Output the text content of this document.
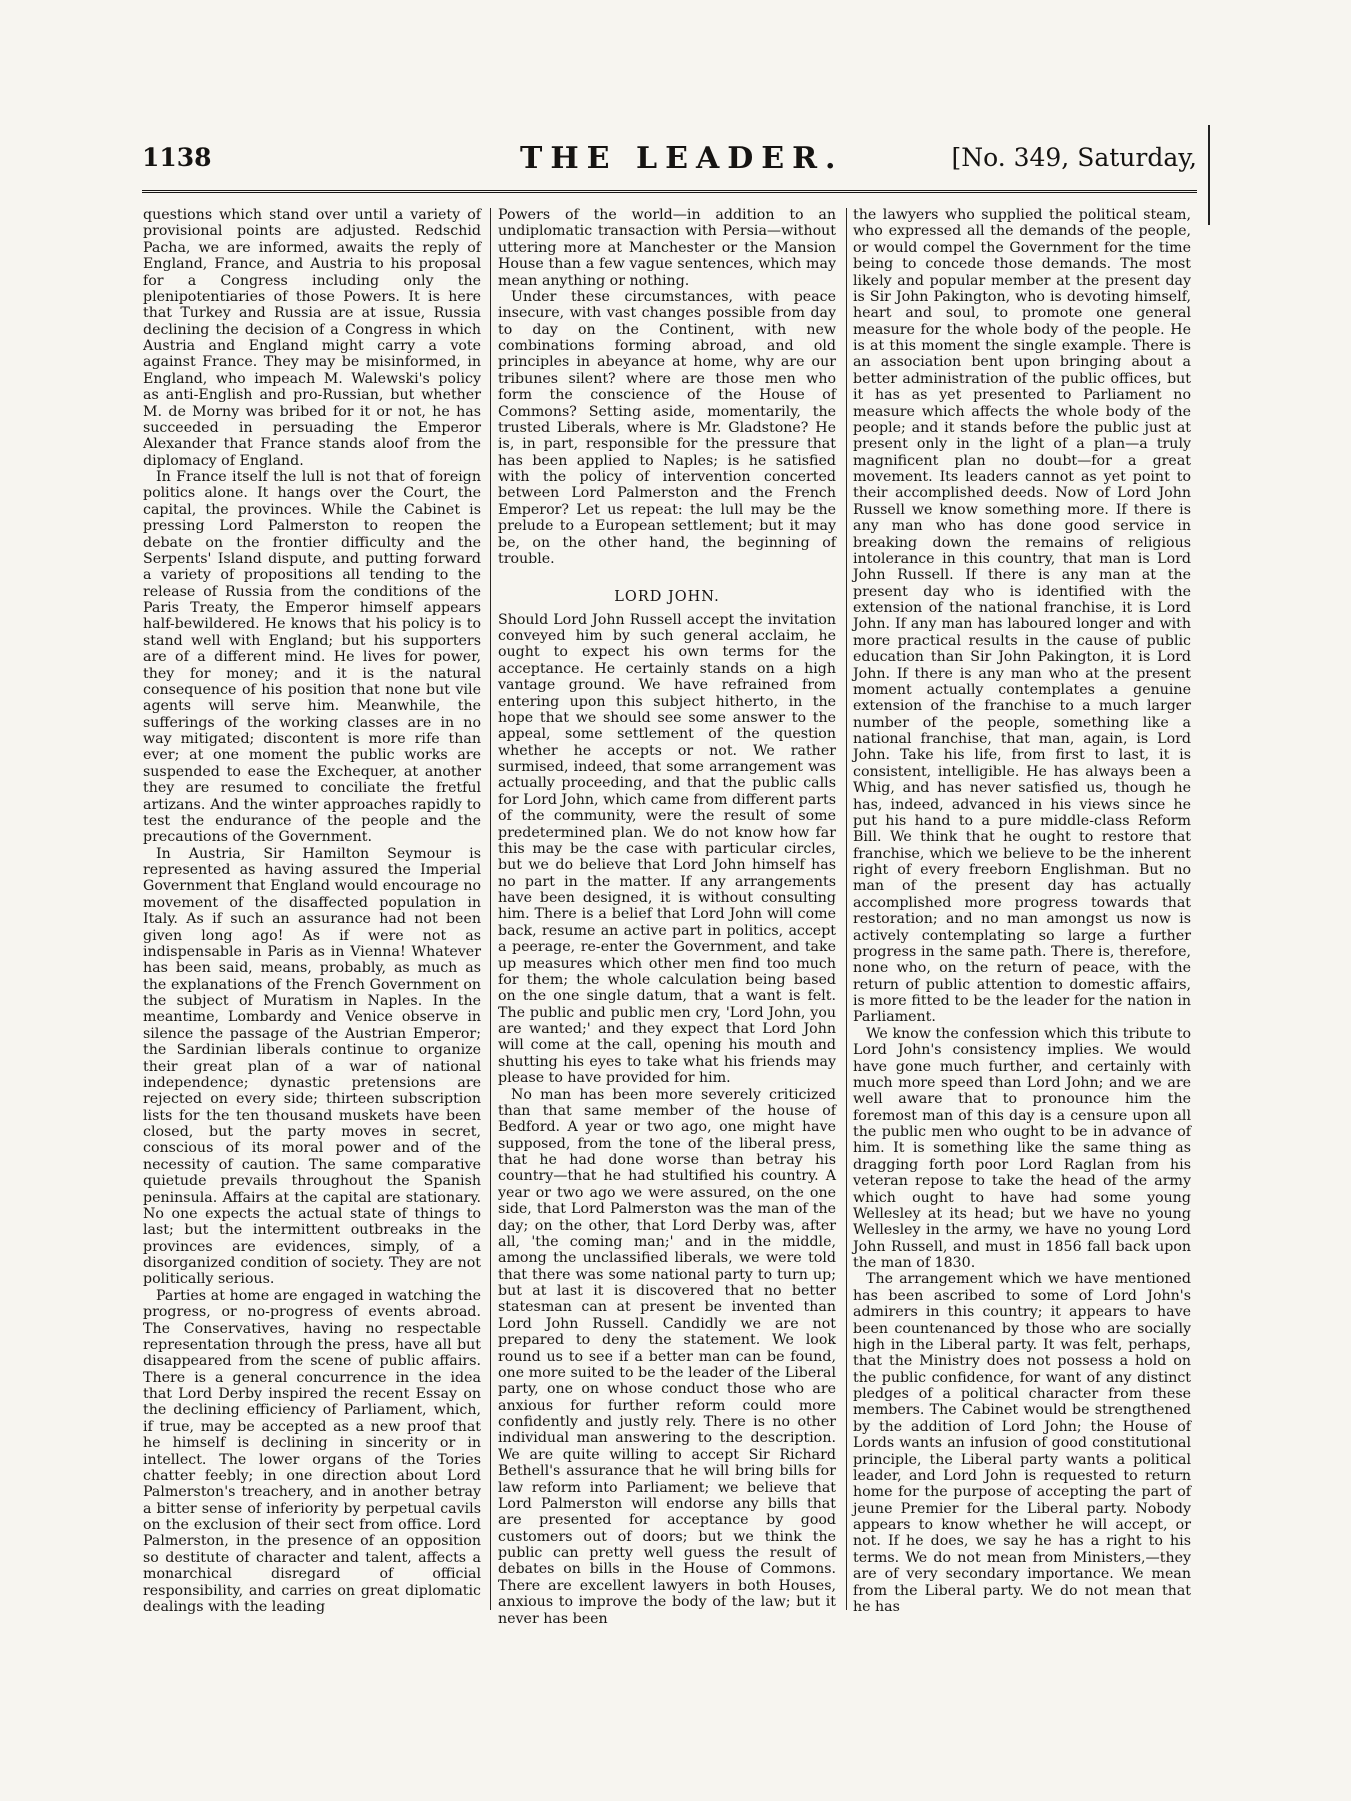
1138	THE LEADER.	[No. 349, Saturday,

questions which stand over until a variety of provisional points are adjusted. Redschid Pacha, we are informed, awaits the reply of England, France, and Austria to his proposal for a Congress including only the plenipotentiaries of those Powers. It is here that Turkey and Russia are at issue, Russia declining the decision of a Congress in which Austria and England might carry a vote against France. They may be misinformed, in England, who impeach M. Walewski's policy as anti-English and pro-Russian, but whether M. de Morny was bribed for it or not, he has succeeded in persuading the Emperor Alexander that France stands aloof from the diplomacy of England.

In France itself the lull is not that of foreign politics alone. It hangs over the Court, the capital, the provinces. While the Cabinet is pressing Lord Palmerston to reopen the debate on the frontier difficulty and the Serpents' Island dispute, and putting forward a variety of propositions all tending to the release of Russia from the conditions of the Paris Treaty, the Emperor himself appears half-bewildered. He knows that his policy is to stand well with England; but his supporters are of a different mind. He lives for power, they for money; and it is the natural consequence of his position that none but vile agents will serve him. Meanwhile, the sufferings of the working classes are in no way mitigated; discontent is more rife than ever; at one moment the public works are suspended to ease the Exchequer, at another they are resumed to conciliate the fretful artizans. And the winter approaches rapidly to test the endurance of the people and the precautions of the Government.

In Austria, Sir Hamilton Seymour is represented as having assured the Imperial Government that England would encourage no movement of the disaffected population in Italy. As if such an assurance had not been given long ago! As if were not as indispensable in Paris as in Vienna! Whatever has been said, means, probably, as much as the explanations of the French Government on the subject of Muratism in Naples. In the meantime, Lombardy and Venice observe in silence the passage of the Austrian Emperor; the Sardinian liberals continue to organize their great plan of a war of national independence; dynastic pretensions are rejected on every side; thirteen subscription lists for the ten thousand muskets have been closed, but the party moves in secret, conscious of its moral power and of the necessity of caution. The same comparative quietude prevails throughout the Spanish peninsula. Affairs at the capital are stationary. No one expects the actual state of things to last; but the intermittent outbreaks in the provinces are evidences, simply, of a disorganized condition of society. They are not politically serious.

Parties at home are engaged in watching the progress, or no-progress of events abroad. The Conservatives, having no respectable representation through the press, have all but disappeared from the scene of public affairs. There is a general concurrence in the idea that Lord Derby inspired the recent Essay on the declining efficiency of Parliament, which, if true, may be accepted as a new proof that he himself is declining in sincerity or in intellect. The lower organs of the Tories chatter feebly; in one direction about Lord Palmerston's treachery, and in another betray a bitter sense of inferiority by perpetual cavils on the exclusion of their sect from office. Lord Palmerston, in the presence of an opposition so destitute of character and talent, affects a monarchical disregard of official responsibility, and carries on great diplomatic dealings with the leading

Powers of the world—in addition to an undiplomatic transaction with Persia—without uttering more at Manchester or the Mansion House than a few vague sentences, which may mean anything or nothing.

Under these circumstances, with peace insecure, with vast changes possible from day to day on the Continent, with new combinations forming abroad, and old principles in abeyance at home, why are our tribunes silent? where are those men who form the conscience of the House of Commons? Setting aside, momentarily, the trusted Liberals, where is Mr. Gladstone? He is, in part, responsible for the pressure that has been applied to Naples; is he satisfied with the policy of intervention concerted between Lord Palmerston and the French Emperor? Let us repeat: the lull may be the prelude to a European settlement; but it may be, on the other hand, the beginning of trouble.

LORD JOHN.

Should Lord John Russell accept the invitation conveyed him by such general acclaim, he ought to expect his own terms for the acceptance. He certainly stands on a high vantage ground. We have refrained from entering upon this subject hitherto, in the hope that we should see some answer to the appeal, some settlement of the question whether he accepts or not. We rather surmised, indeed, that some arrangement was actually proceeding, and that the public calls for Lord John, which came from different parts of the community, were the result of some predetermined plan. We do not know how far this may be the case with particular circles, but we do believe that Lord John himself has no part in the matter. If any arrangements have been designed, it is without consulting him. There is a belief that Lord John will come back, resume an active part in politics, accept a peerage, re-enter the Government, and take up measures which other men find too much for them; the whole calculation being based on the one single datum, that a want is felt. The public and public men cry, 'Lord John, you are wanted;' and they expect that Lord John will come at the call, opening his mouth and shutting his eyes to take what his friends may please to have provided for him.

No man has been more severely criticized than that same member of the house of Bedford. A year or two ago, one might have supposed, from the tone of the liberal press, that he had done worse than betray his country—that he had stultified his country. A year or two ago we were assured, on the one side, that Lord Palmerston was the man of the day; on the other, that Lord Derby was, after all, 'the coming man;' and in the middle, among the unclassified liberals, we were told that there was some national party to turn up; but at last it is discovered that no better statesman can at present be invented than Lord John Russell. Candidly we are not prepared to deny the statement. We look round us to see if a better man can be found, one more suited to be the leader of the Liberal party, one on whose conduct those who are anxious for further reform could more confidently and justly rely. There is no other individual man answering to the description. We are quite willing to accept Sir Richard Bethell's assurance that he will bring bills for law reform into Parliament; we believe that Lord Palmerston will endorse any bills that are presented for acceptance by good customers out of doors; but we think the public can pretty well guess the result of debates on bills in the House of Commons. There are excellent lawyers in both Houses, anxious to improve the body of the law; but it never has been

the lawyers who supplied the political steam, who expressed all the demands of the people, or would compel the Government for the time being to concede those demands. The most likely and popular member at the present day is Sir John Pakington, who is devoting himself, heart and soul, to promote one general measure for the whole body of the people. He is at this moment the single example. There is an association bent upon bringing about a better administration of the public offices, but it has as yet presented to Parliament no measure which affects the whole body of the people; and it stands before the public just at present only in the light of a plan—a truly magnificent plan no doubt—for a great movement. Its leaders cannot as yet point to their accomplished deeds. Now of Lord John Russell we know something more. If there is any man who has done good service in breaking down the remains of religious intolerance in this country, that man is Lord John Russell. If there is any man at the present day who is identified with the extension of the national franchise, it is Lord John. If any man has laboured longer and with more practical results in the cause of public education than Sir John Pakington, it is Lord John. If there is any man who at the present moment actually contemplates a genuine extension of the franchise to a much larger number of the people, something like a national franchise, that man, again, is Lord John. Take his life, from first to last, it is consistent, intelligible. He has always been a Whig, and has never satisfied us, though he has, indeed, advanced in his views since he put his hand to a pure middle-class Reform Bill. We think that he ought to restore that franchise, which we believe to be the inherent right of every freeborn Englishman. But no man of the present day has actually accomplished more progress towards that restoration; and no man amongst us now is actively contemplating so large a further progress in the same path. There is, therefore, none who, on the return of peace, with the return of public attention to domestic affairs, is more fitted to be the leader for the nation in Parliament.

We know the confession which this tribute to Lord John's consistency implies. We would have gone much further, and certainly with much more speed than Lord John; and we are well aware that to pronounce him the foremost man of this day is a censure upon all the public men who ought to be in advance of him. It is something like the same thing as dragging forth poor Lord Raglan from his veteran repose to take the head of the army which ought to have had some young Wellesley at its head; but we have no young Wellesley in the army, we have no young Lord John Russell, and must in 1856 fall back upon the man of 1830.

The arrangement which we have mentioned has been ascribed to some of Lord John's admirers in this country; it appears to have been countenanced by those who are socially high in the Liberal party. It was felt, perhaps, that the Ministry does not possess a hold on the public confidence, for want of any distinct pledges of a political character from these members. The Cabinet would be strengthened by the addition of Lord John; the House of Lords wants an infusion of good constitutional principle, the Liberal party wants a political leader, and Lord John is requested to return home for the purpose of accepting the part of jeune Premier for the Liberal party. Nobody appears to know whether he will accept, or not. If he does, we say he has a right to his terms. We do not mean from Ministers,—they are of very secondary importance. We mean from the Liberal party. We do not mean that he has
